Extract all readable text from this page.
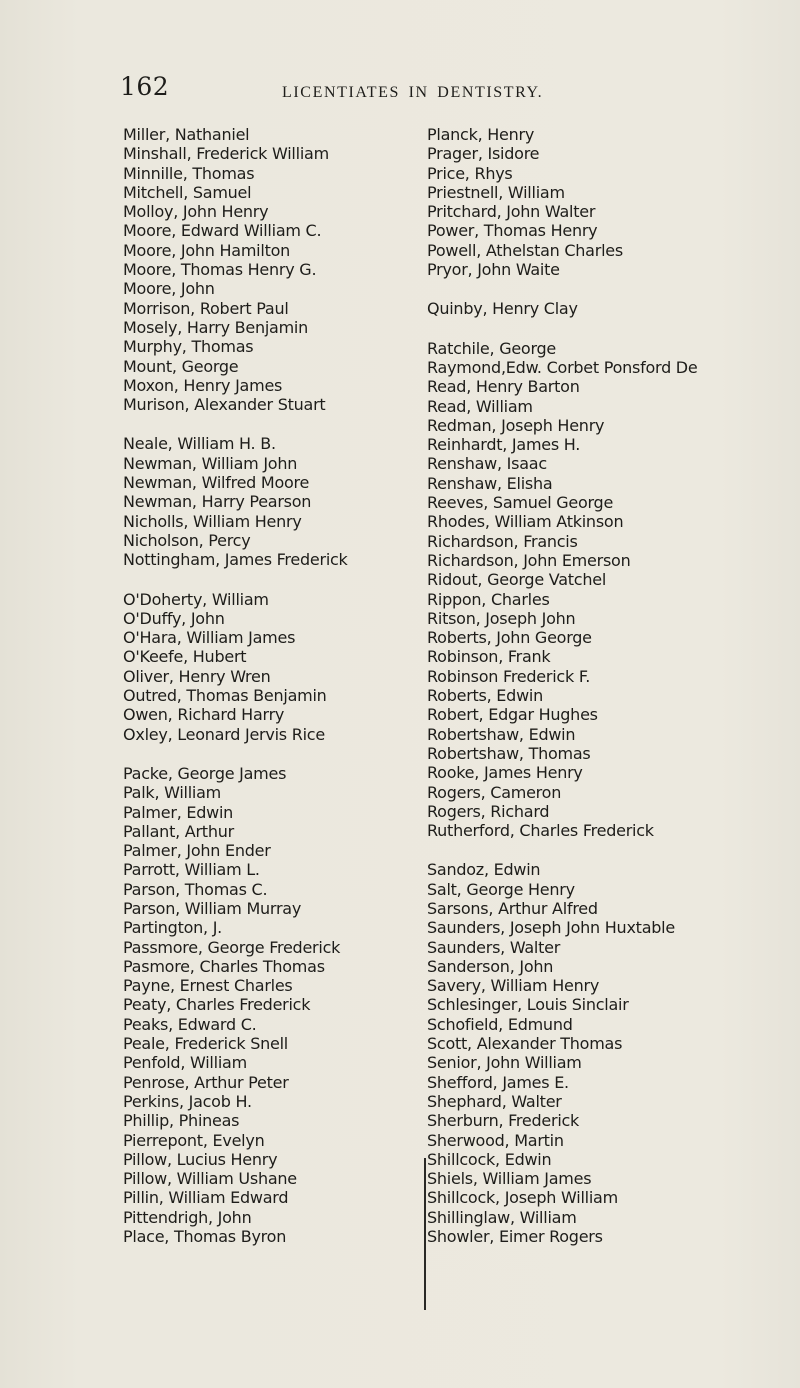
162	LICENTIATES IN DENTISTRY.
Miller, Nathaniel
Minshall, Frederick William
Minnille, Thomas
Mitchell, Samuel
Molloy, John Henry
Moore, Edward William C.
Moore, John Hamilton
Moore, Thomas Henry G.
Moore, John
Morrison, Robert Paul
Mosely, Harry Benjamin
Murphy, Thomas
Mount, George
Moxon, Henry James
Murison, Alexander Stuart
Neale, William H. B.
Newman, William John
Newman, Wilfred Moore
Newman, Harry Pearson
Nicholls, William Henry
Nicholson, Percy
Nottingham, James Frederick
O'Doherty, William
O'Duffy, John
O'Hara, William James
O'Keefe, Hubert
Oliver, Henry Wren
Outred, Thomas Benjamin
Owen, Richard Harry
Oxley, Leonard Jervis Rice
Packe, George James
Palk, William
Palmer, Edwin
Pallant, Arthur
Palmer, John Ender
Parrott, William L.
Parson, Thomas C.
Parson, William Murray
Partington, J.
Passmore, George Frederick
Pasmore, Charles Thomas
Payne, Ernest Charles
Peaty, Charles Frederick
Peaks, Edward C.
Peale, Frederick Snell
Penfold, William
Penrose, Arthur Peter
Perkins, Jacob H.
Phillip, Phineas
Pierrepont, Evelyn
Pillow, Lucius Henry
Pillow, William Ushane
Pillin, William Edward
Pittendrigh, John
Place, Thomas Byron
Planck, Henry
Prager, Isidore
Price, Rhys
Priestnell, William
Pritchard, John Walter
Power, Thomas Henry
Powell, Athelstan Charles
Pryor, John Waite
Quinby, Henry Clay
Ratchile, George
Raymond,Edw. Corbet Ponsford De
Read, Henry Barton
Read, William
Redman, Joseph Henry
Reinhardt, James H.
Renshaw, Isaac
Renshaw, Elisha
Reeves, Samuel George
Rhodes, William Atkinson
Richardson, Francis
Richardson, John Emerson
Ridout, George Vatchel
Rippon, Charles
Ritson, Joseph John
Roberts, John George
Robinson, Frank
Robinson Frederick F.
Roberts, Edwin
Robert, Edgar Hughes
Robertshaw, Edwin
Robertshaw, Thomas
Rooke, James Henry
Rogers, Cameron
Rogers, Richard
Rutherford, Charles Frederick
Sandoz, Edwin
Salt, George Henry
Sarsons, Arthur Alfred
Saunders, Joseph John Huxtable
Saunders, Walter
Sanderson, John
Savery, William Henry
Schlesinger, Louis Sinclair
Schofield, Edmund
Scott, Alexander Thomas
Senior, John William
Shefford, James E.
Shephard, Walter
Sherburn, Frederick
Sherwood, Martin
Shillcock, Edwin
Shiels, William James
Shillcock, Joseph William
Shillinglaw, William
Showler, Eimer Rogers
